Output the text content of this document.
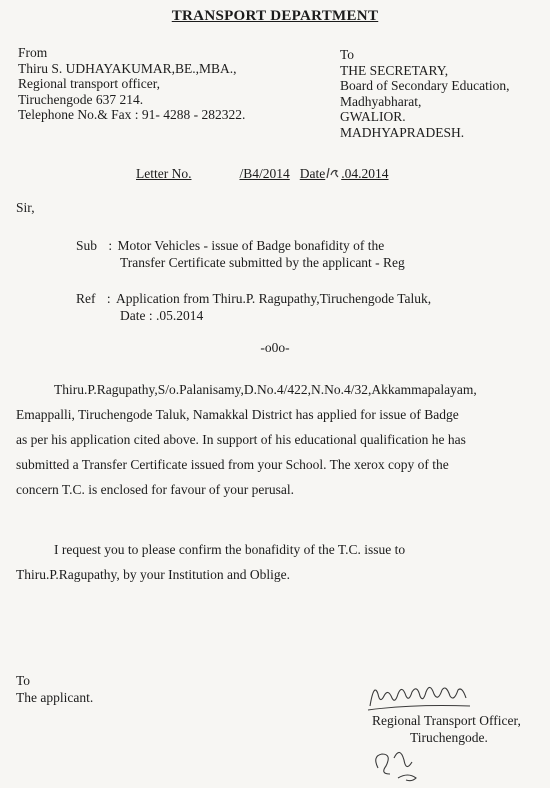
TRANSPORT DEPARTMENT
From
Thiru S. UDHAYAKUMAR,BE.,MBA.,
Regional transport officer,
Tiruchengode 637 214.
Telephone No.& Fax : 91- 4288 - 282322.
To
THE SECRETARY,
Board of Secondary Education,
Madhyabharat,
GWALIOR.
MADHYAPRADESH.
Letter No.	/B4/2014 Date .04.2014
Sir,
Sub : Motor Vehicles - issue of Badge bonafidity of the
Transfer Certificate submitted by the applicant - Reg
Ref : Application from Thiru.P. Ragupathy,Tiruchengode Taluk,
Date : .05.2014
-o0o-
Thiru.P.Ragupathy,S/o.Palanisamy,D.No.4/422,N.No.4/32,Akkammapalayam,
Emappalli, Tiruchengode Taluk, Namakkal District has applied for issue of Badge
as per his application cited above. In support of his educational qualification he has
submitted a Transfer Certificate issued from your School. The xerox copy of the
concern T.C. is enclosed for favour of your perusal.
I request you to please confirm the bonafidity of the T.C. issue to
Thiru.P.Ragupathy, by your Institution and Oblige.
To
The applicant.
Regional Transport Officer,
Tiruchengode.
